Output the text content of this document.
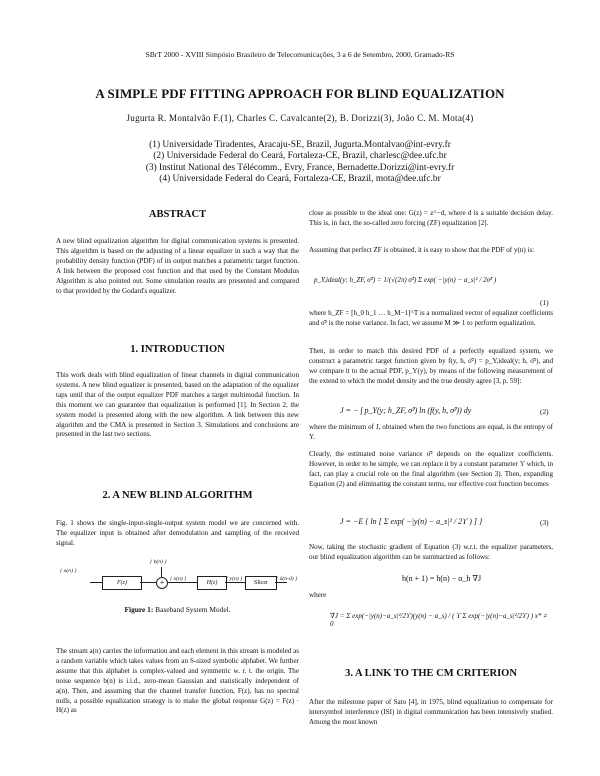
SBrT 2000 - XVIII Simpósio Brasileiro de Telecomunicações, 3 a 6 de Setembro, 2000, Gramado-RS
A SIMPLE PDF FITTING APPROACH FOR BLIND EQUALIZATION
Jugurta R. Montalvão F.(1), Charles C. Cavalcante(2), B. Dorizzi(3), João C. M. Mota(4)
(1) Universidade Tiradentes, Aracaju-SE, Brazil, Jugurta.Montalvao@int-evry.fr
(2) Universidade Federal do Ceará, Fortaleza-CE, Brazil, charlesc@dee.ufc.br
(3) Institut National des Télécomm., Evry, France, Bernadette.Dorizzi@int-evry.fr
(4) Universidade Federal do Ceará, Fortaleza-CE, Brazil, mota@dee.ufc.br
ABSTRACT

A new blind equalization algorithm for digital communication systems is presented. This algorithm is based on the adjusting of a linear equalizer in such a way that the probability density function (PDF) of its output matches a parametric target function. A link between the proposed cost function and that used by the Constant Modulus Algorithm is also pointed out. Some simulation results are presented and compared to that provided by the Godard's equalizer.

1. INTRODUCTION

This work deals with blind equalization of linear channels in digital communication systems. A new blind equalizer is presented, based on the adaptation of the equalizer taps until that of the output equalizer PDF matches a target multimodal function. In this moment we can guarantee that equalization is performed [1]. In Section 2, the system model is presented along with the new algorithm. A link between this new algorithm and the CMA is presented in Section 3. Simulations and conclusions are presented in the last two sections.

2. A NEW BLIND ALGORITHM

Fig. 1 shows the single-input-single-output system model we are concerned with. The equalizer input is obtained after demodulation and sampling of the received signal.

{ a(n) }
F(z)
{ b(n) }
+	{ x(n) }
H(z)
{ y(n) }
Slicer
{ â(n-d) }
Figure 1: Baseband System Model.

The stream a(n) carries the information and each element in this stream is modeled as a random variable which takes values from an S-sized symbolic alphabet. We further assume that this alphabet is complex-valued and symmetric w. r. t. the origin. The noise sequence b(n) is i.i.d., zero-mean Gaussian and statistically independent of a(n). Then, and assuming that the channel transfer function, F(z), has no spectral nulls, a possible equalization strategy is to make the global response G(z) = F(z) · H(z) as

close as possible to the ideal one: G(z) = z^−d, where d is a suitable decision delay. This is, in fact, the so-called zero forcing (ZF) equalization [2].

Assuming that perfect ZF is obtained, it is easy to show that the PDF of y(n) is:

p_Y,ideal(y; h_ZF, σ̂²) = 1/(√(2π) σ̂²) Σ exp( −|y(n) − a_s|² / 2σ̂² )
(1)

where h_ZF = [h_0 h_1 … h_M−1]^T is a normalized vector of equalizer coefficients and σ̂² is the noise variance. In fact, we assume M ≫ 1 to perform equalization.

Then, in order to match this desired PDF of a perfectly equalized system, we construct a parametric target function given by f(y, h, σ̂²) = p_Y,ideal(y; h, σ̂²), and we compare it to the actual PDF, p_Y(y), by means of the following measurement of the extend to which the model density and the true density agree [3, p. 59]:

J = − ∫ p_Y(y; h_ZF, σ̂²) ln (f(y, h, σ̂²)) dy	(2)

where the minimum of J, obtained when the two functions are equal, is the entropy of Y.

Clearly, the estimated noise variance σ̂² depends on the equalizer coefficients. However, in order to be simple, we can replace it by a constant parameter ϒ which, in fact, can play a crucial role on the final algorithm (see Section 3). Then, expanding Equation (2) and eliminating the constant terms, our effective cost function becomes

J = −E { ln [ Σ exp( −|y(n) − a_s|² / 2ϒ ) ] }	(3)

Now, taking the stochastic gradient of Equation (3) w.r.t. the equalizer parameters, our blind equalization algorithm can be summarized as follows:

h(n + 1) = h(n) − α_h ∇J

where

∇J = Σ exp(−|y(n)−a_s|²/2ϒ)(y(n) − a_s) / ( ϒ Σ exp(−|y(n)−a_s|²/2ϒ) ) x* ≠ 0
3. A LINK TO THE CM CRITERION

After the milestone paper of Sato [4], in 1975, blind equalization to compensate for intersymbol interference (ISI) in digital communication has been intensively studied. Among the most known
